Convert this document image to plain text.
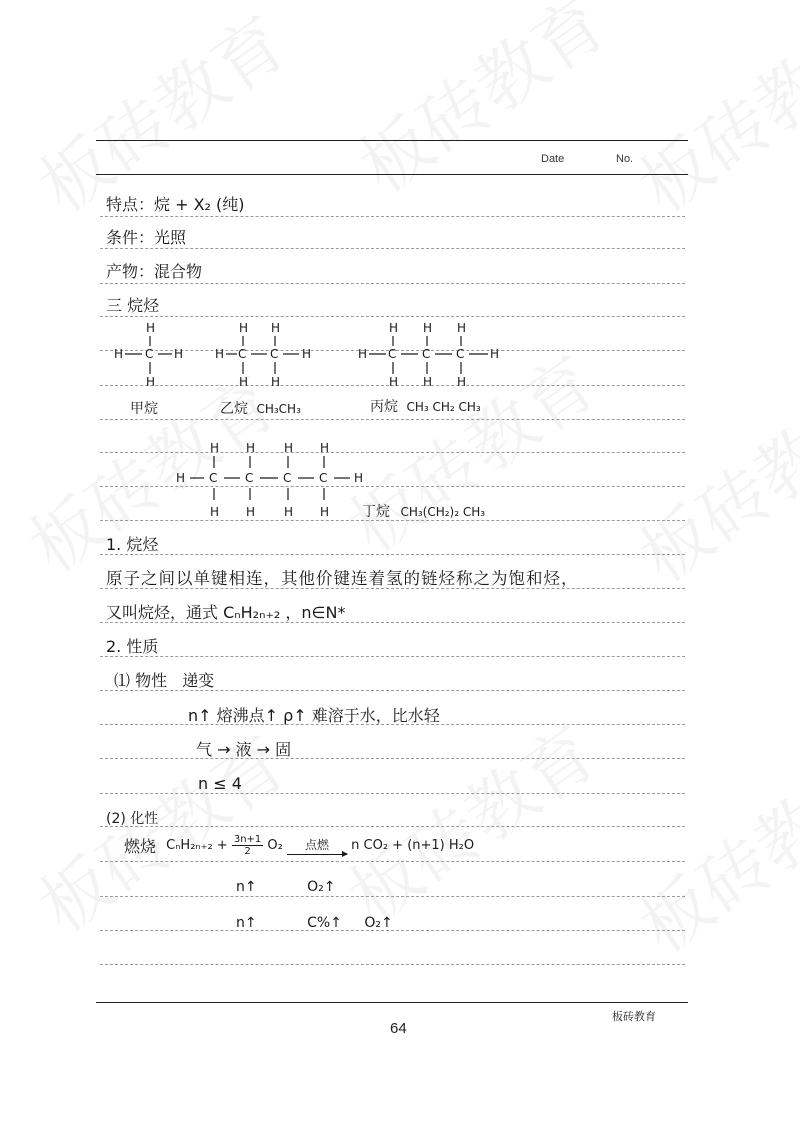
Date	No.
特点：烷 + X₂ (纯)
条件：光照
产物：混合物
三 烷烃
H
H C H
H
甲烷
H H
H C C H
H H
乙烷 CH₃CH₃
H H H
H C C C H
H H H
丙烷 CH₃ CH₂ CH₃
H H H H
H C C C C H
H H H H 丁烷 CH₃(CH₂)₂ CH₃
1. 烷烃
原子之间以单键相连，其他价键连着氢的链烃称之为饱和烃，
又叫烷烃，通式 CₙH₂ₙ₊₂ ，n∈N*
2. 性质
⑴ 物性 递变
n↑ 熔沸点↑ ρ↑ 难溶于水，比水轻
气 → 液 → 固
n ≤ 4
(2) 化性
燃烧 $C_nH_{2n+2} + \frac{3n+1}{2} O_2$	点燃	n CO₂ + (n+1) H₂O
n↑	O₂↑
n↑	C%↑ O₂↑
64
板砖教育
